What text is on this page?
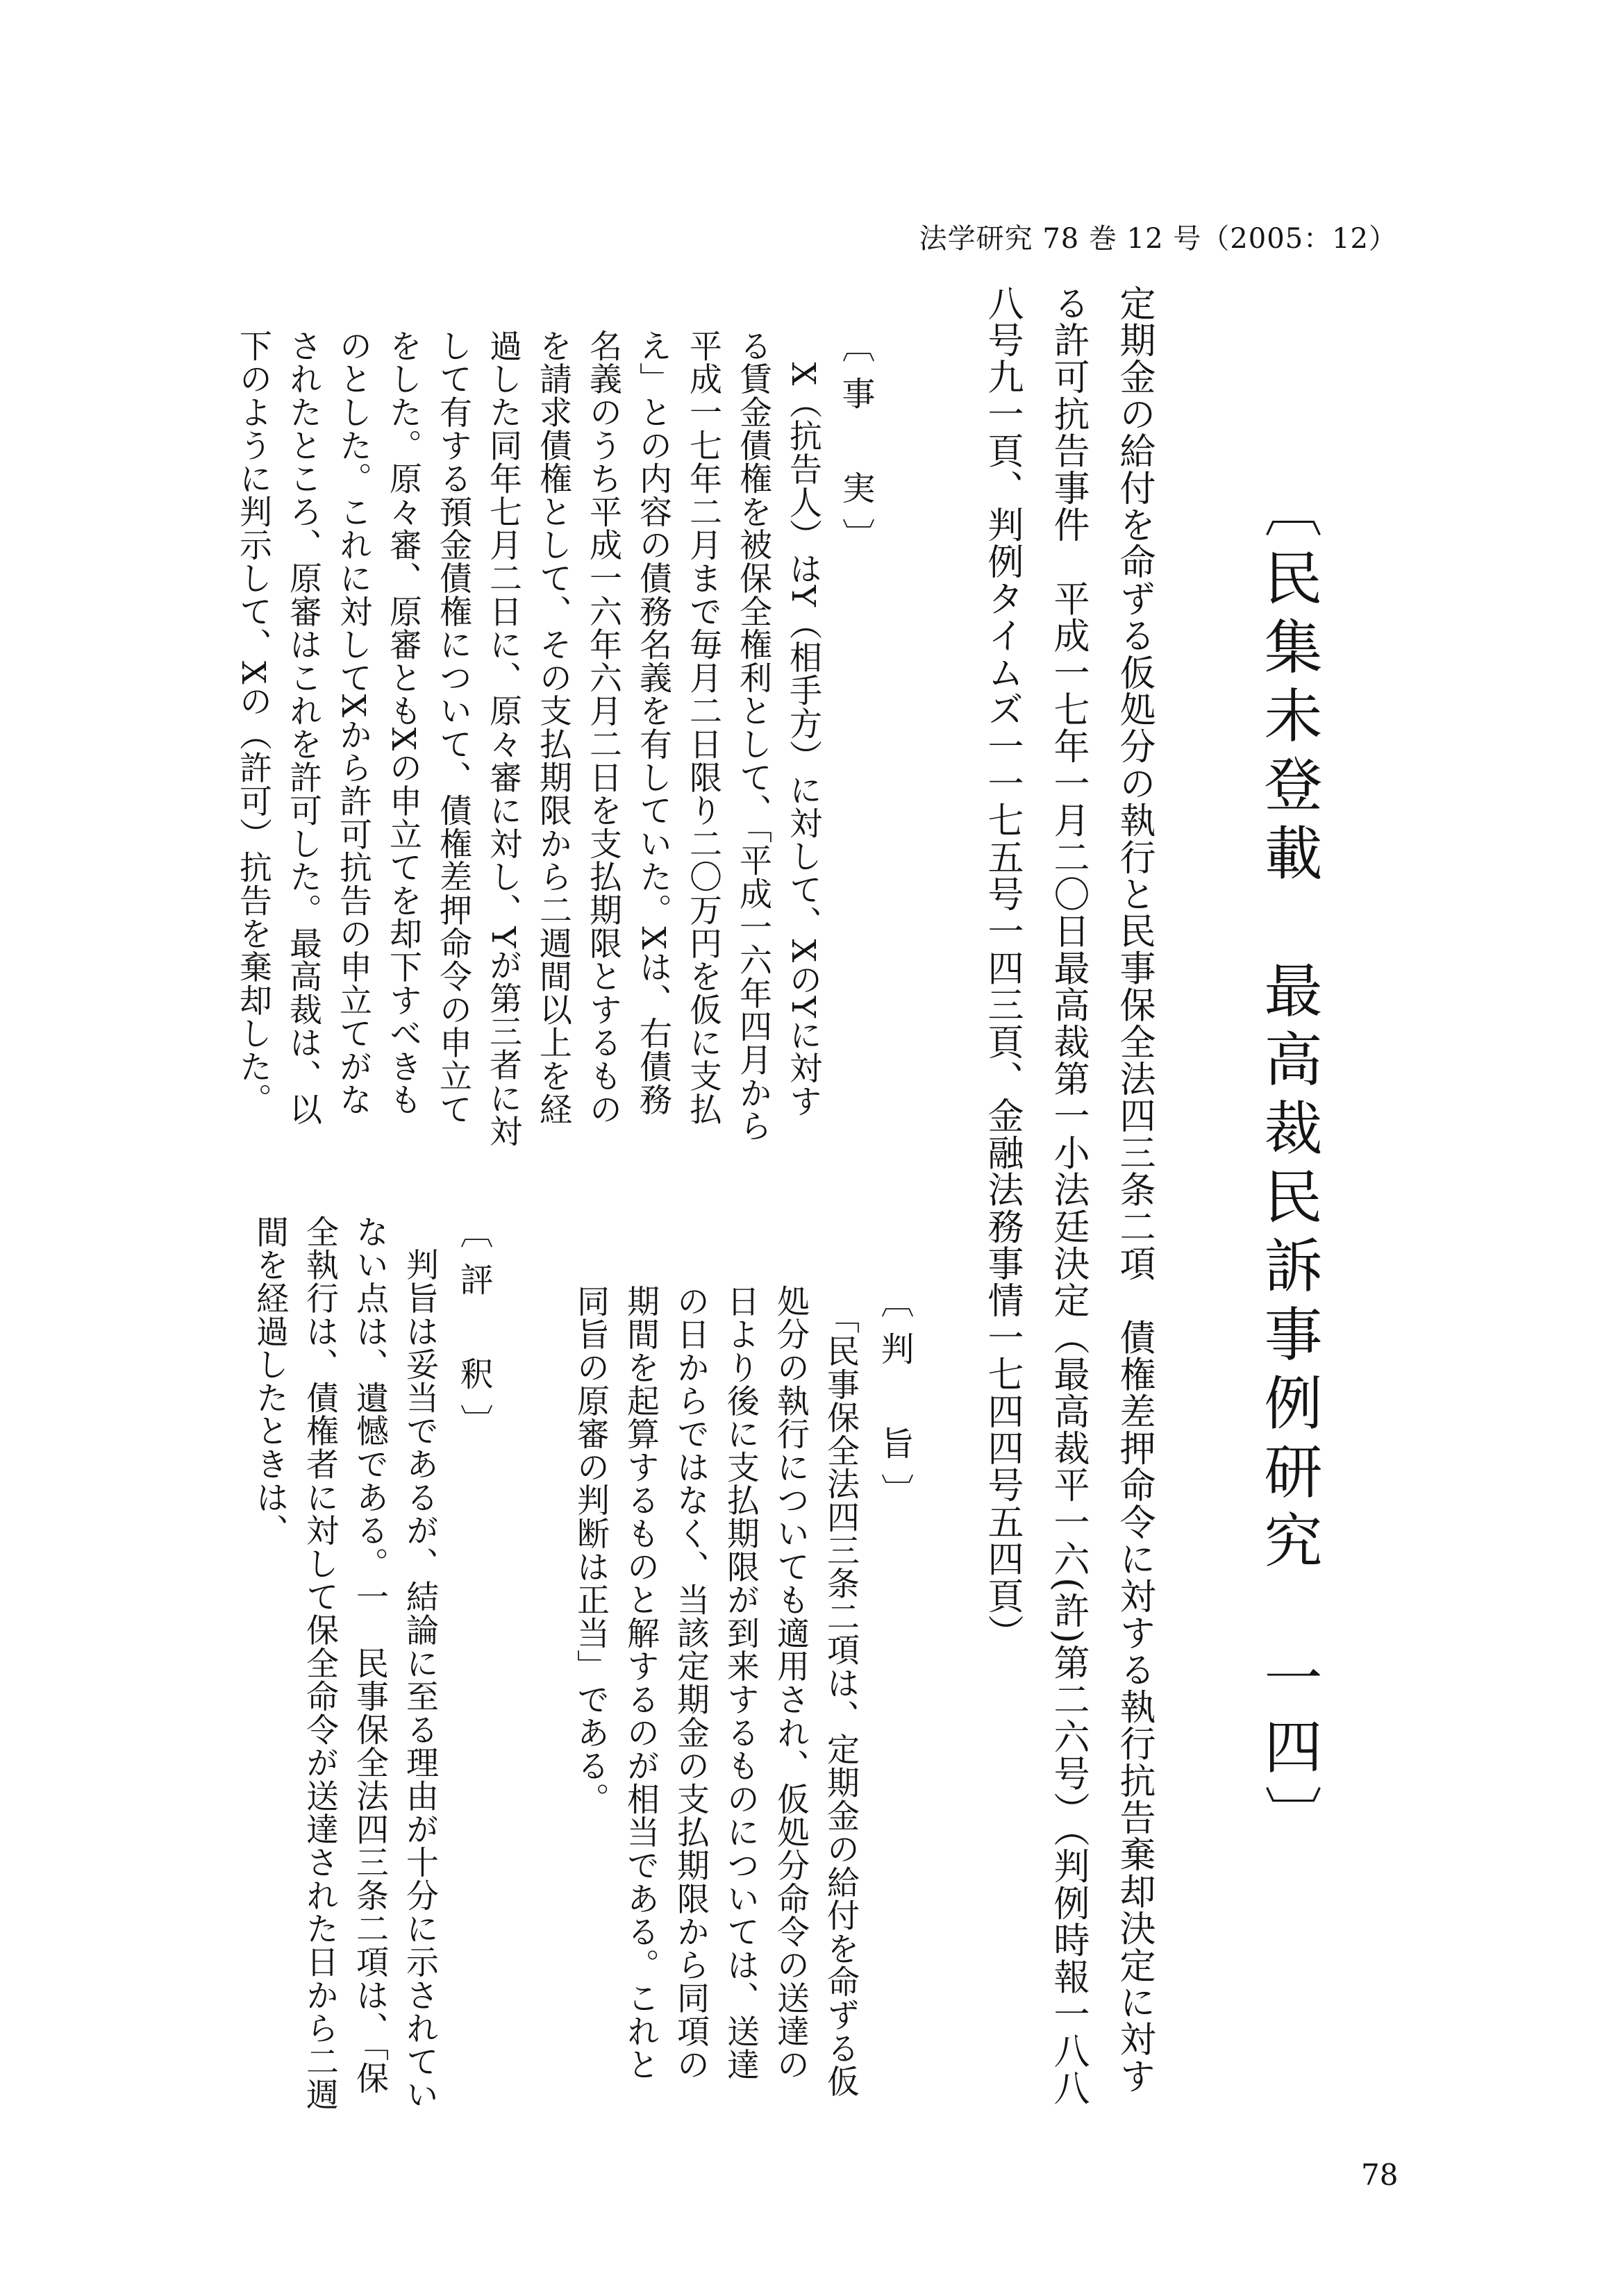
法学研究 78 巻 12 号（2005：12）
〔民集未登載　最高裁民訴事例研究　一四〕
定期金の給付を命ずる仮処分の執行と民事保全法四三条二項　債権差押命令に対する執行抗告棄却決定に対する許可抗告事件　平成一七年一月二〇日最高裁第一小法廷決定（最高裁平一六(許)第二六号）（判例時報一八八八号九一頁、判例タイムズ一一七五号一四三頁、金融法務事情一七四四号五四頁）
〔事　実〕
　X（抗告人）はY（相手方）に対して、XのYに対する賃金債権を被保全権利として、「平成一六年四月から平成一七年二月まで毎月二日限り二〇万円を仮に支払え」との内容の債務名義を有していた。Xは、右債務名義のうち平成一六年六月二日を支払期限とするものを請求債権として、その支払期限から二週間以上を経過した同年七月二日に、原々審に対し、Yが第三者に対して有する預金債権について、債権差押命令の申立てをした。原々審、原審ともXの申立てを却下すべきものとした。これに対してXから許可抗告の申立てがなされたところ、原審はこれを許可した。最高裁は、以下のように判示して、Xの（許可）抗告を棄却した。
〔判　旨〕
　「民事保全法四三条二項は、定期金の給付を命ずる仮処分の執行についても適用され、仮処分命令の送達の日より後に支払期限が到来するものについては、送達の日からではなく、当該定期金の支払期限から同項の期間を起算するものと解するのが相当である。これと同旨の原審の判断は正当」である。
〔評　釈〕
　判旨は妥当であるが、結論に至る理由が十分に示されていない点は、遺憾である。一　民事保全法四三条二項は、「保全執行は、債権者に対して保全命令が送達された日から二週間を経過したときは、
78
